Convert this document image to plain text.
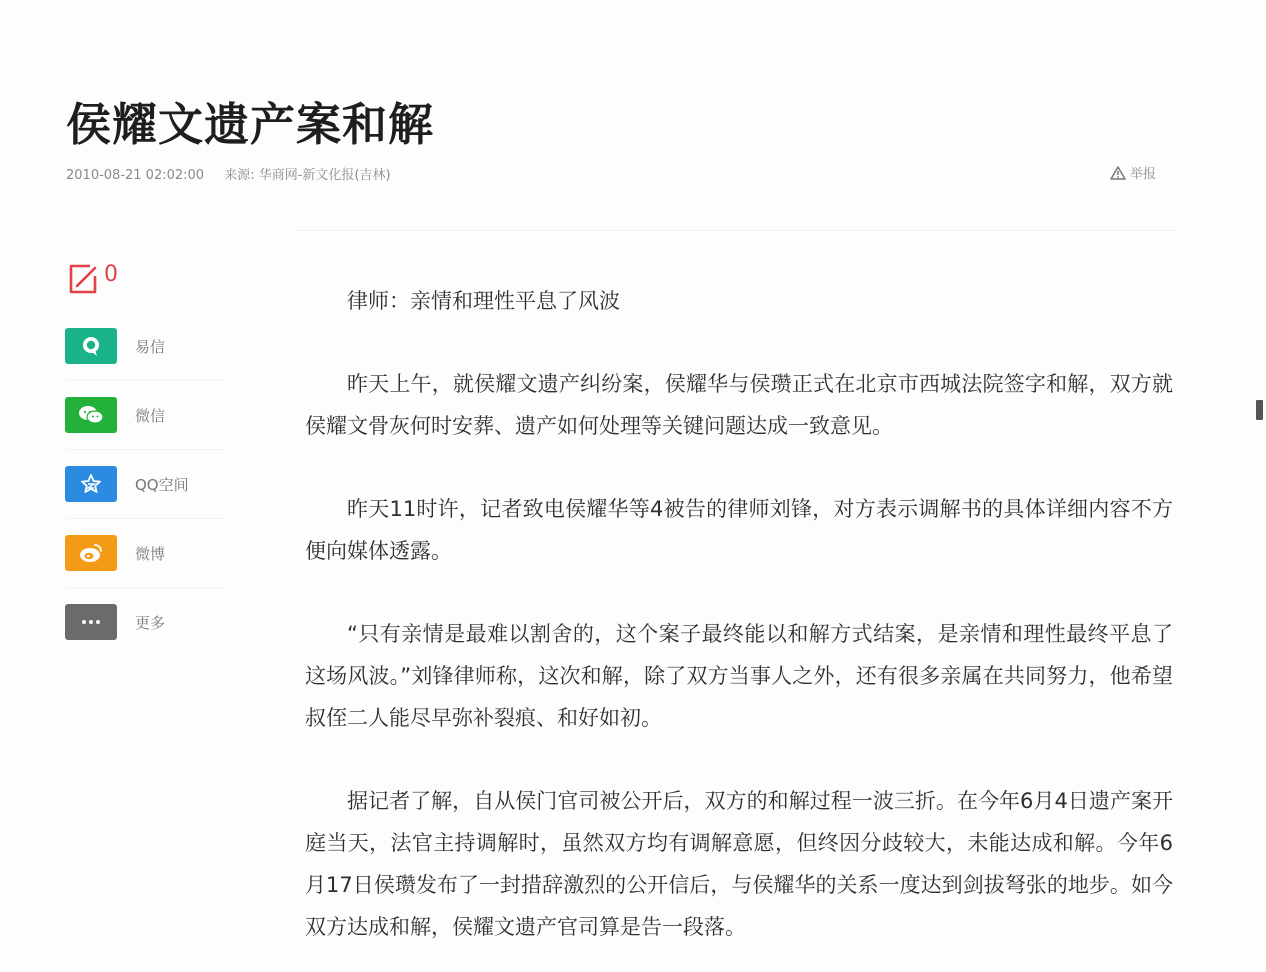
侯耀文遗产案和解
2010-08-21 02:02:00 来源: 华商网-新文化报(吉林)	举报
0
易信
微信
QQ空间
微博
更多

律师：亲情和理性平息了风波

昨天上午，就侯耀文遗产纠纷案，侯耀华与侯瓒正式在北京市西城法院签字和解，双方就侯耀文骨灰何时安葬、遗产如何处理等关键问题达成一致意见。

昨天11时许，记者致电侯耀华等4被告的律师刘锋，对方表示调解书的具体详细内容不方便向媒体透露。

“只有亲情是最难以割舍的，这个案子最终能以和解方式结案，是亲情和理性最终平息了这场风波。”刘锋律师称，这次和解，除了双方当事人之外，还有很多亲属在共同努力，他希望叔侄二人能尽早弥补裂痕、和好如初。

据记者了解，自从侯门官司被公开后，双方的和解过程一波三折。在今年6月4日遗产案开庭当天，法官主持调解时，虽然双方均有调解意愿，但终因分歧较大，未能达成和解。今年6月17日侯瓒发布了一封措辞激烈的公开信后，与侯耀华的关系一度达到剑拔弩张的地步。如今双方达成和解，侯耀文遗产官司算是告一段落。
